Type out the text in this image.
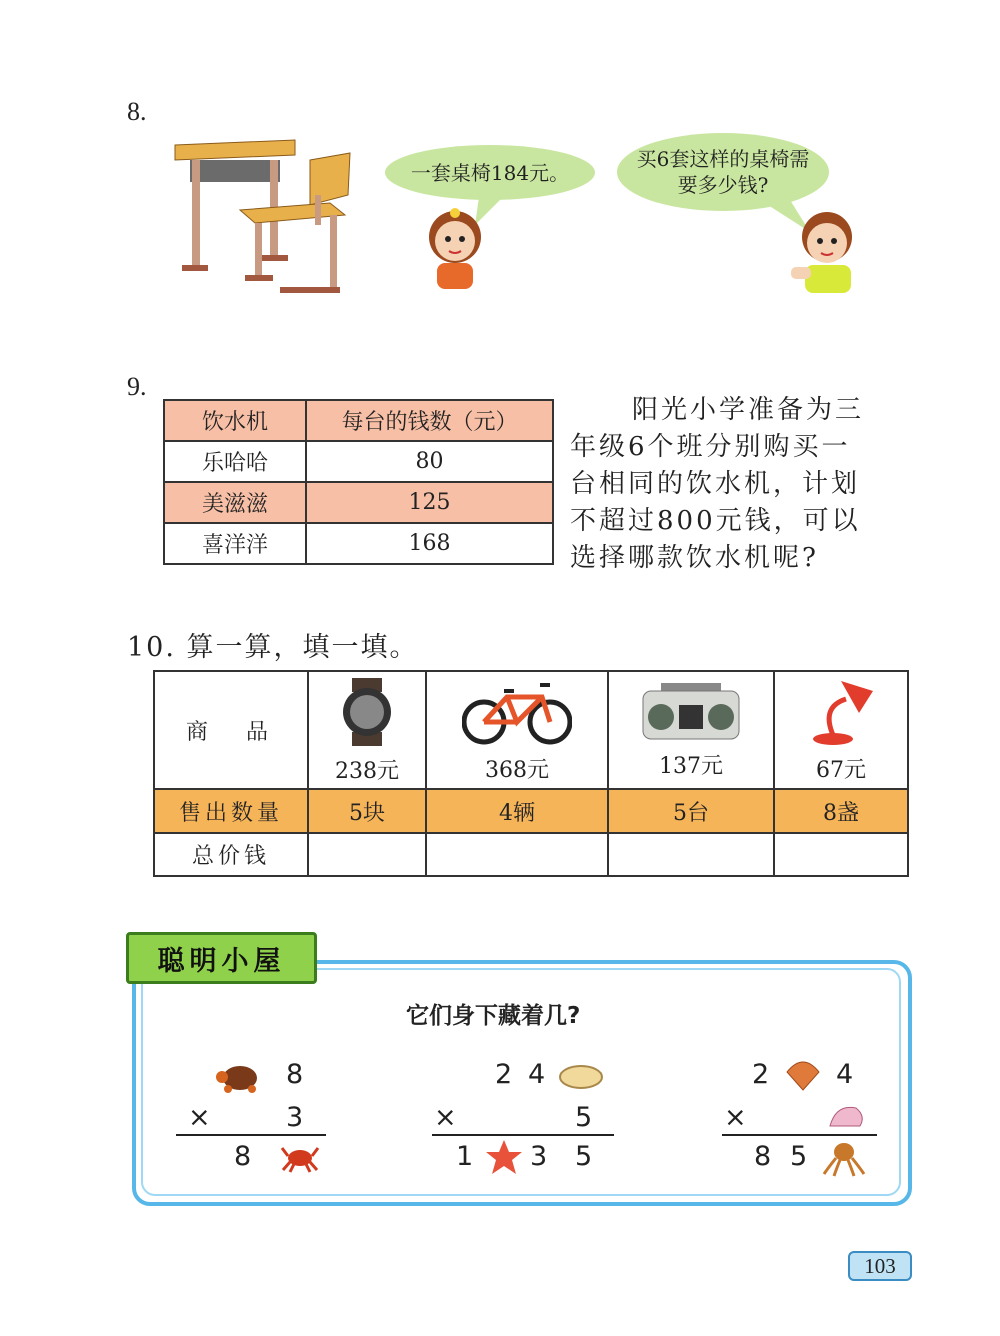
8.
一套桌椅184元。
买6套这样的桌椅需要多少钱?
9.
饮水机	每台的钱数（元）
乐哈哈	80
美滋滋	125
喜洋洋	168
阳光小学准备为三
年级6个班分别购买一
台相同的饮水机，计划
不超过800元钱，可以
选择哪款饮水机呢?
10. 算一算，填一填。
商　品	238元	368元	137元	67元

售出数量	5块	4辆	5台	8盏
总价钱				
聪明小屋
它们身下藏着几?
8
×	3
8
2 4
×	5
1 3 5
2 4
×
8 5
103
